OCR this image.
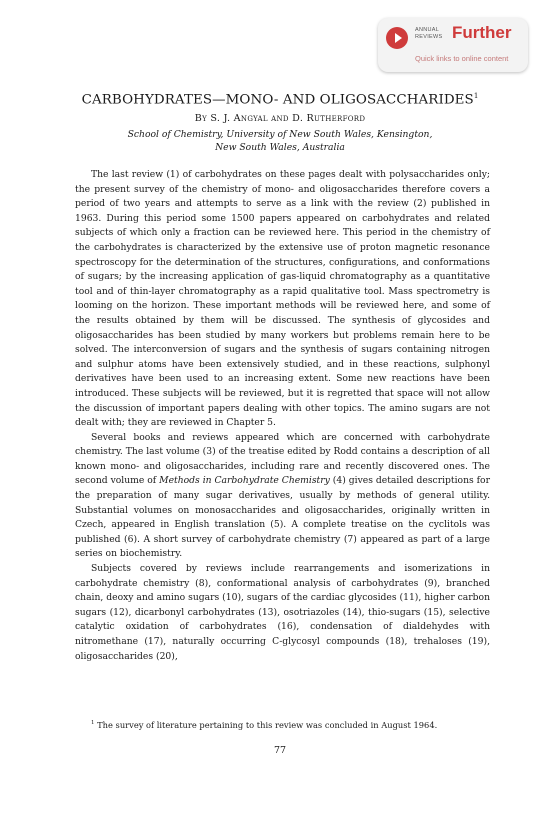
ANNUAL
REVIEWS Further
Quick links to online content
CARBOHYDRATES—MONO- AND OLIGOSACCHARIDES$^1$
By S. J. Angyal and D. Rutherford
School of Chemistry, University of New South Wales, Kensington,
New South Wales, Australia

The last review (1) of carbohydrates on these pages dealt with polysaccharides only; the present survey of the chemistry of mono- and oligosaccharides therefore covers a period of two years and attempts to serve as a link with the review (2) published in 1963. During this period some 1500 papers appeared on carbohydrates and related subjects of which only a fraction can be reviewed here. This period in the chemistry of the carbohydrates is characterized by the extensive use of proton magnetic resonance spectroscopy for the determination of the structures, configurations, and conformations of sugars; by the increasing application of gas-liquid chromatography as a quantitative tool and of thin-layer chromatography as a rapid qualitative tool. Mass spectrometry is looming on the horizon. These important methods will be reviewed here, and some of the results obtained by them will be discussed. The synthesis of glycosides and oligosaccharides has been studied by many workers but problems remain here to be solved. The interconversion of sugars and the synthesis of sugars containing nitrogen and sulphur atoms have been extensively studied, and in these reactions, sulphonyl derivatives have been used to an increasing extent. Some new reactions have been introduced. These subjects will be reviewed, but it is regretted that space will not allow the discussion of important papers dealing with other topics. The amino sugars are not dealt with; they are reviewed in Chapter 5.

Several books and reviews appeared which are concerned with carbohydrate chemistry. The last volume (3) of the treatise edited by Rodd contains a description of all known mono- and oligosaccharides, including rare and recently discovered ones. The second volume of Methods in Carbohydrate Chemistry (4) gives detailed descriptions for the preparation of many sugar derivatives, usually by methods of general utility. Substantial volumes on monosaccharides and oligosaccharides, originally written in Czech, appeared in English translation (5). A complete treatise on the cyclitols was published (6). A short survey of carbohydrate chemistry (7) appeared as part of a large series on biochemistry.

Subjects covered by reviews include rearrangements and isomerizations in carbohydrate chemistry (8), conformational analysis of carbohydrates (9), branched chain, deoxy and amino sugars (10), sugars of the cardiac glycosides (11), higher carbon sugars (12), dicarbonyl carbohydrates (13), osotriazoles (14), thio-sugars (15), selective catalytic oxidation of carbohydrates (16), condensation of dialdehydes with nitromethane (17), naturally occurring C-glycosyl compounds (18), trehaloses (19), oligosaccharides (20),

$^1$ The survey of literature pertaining to this review was concluded in August 1964.
77
